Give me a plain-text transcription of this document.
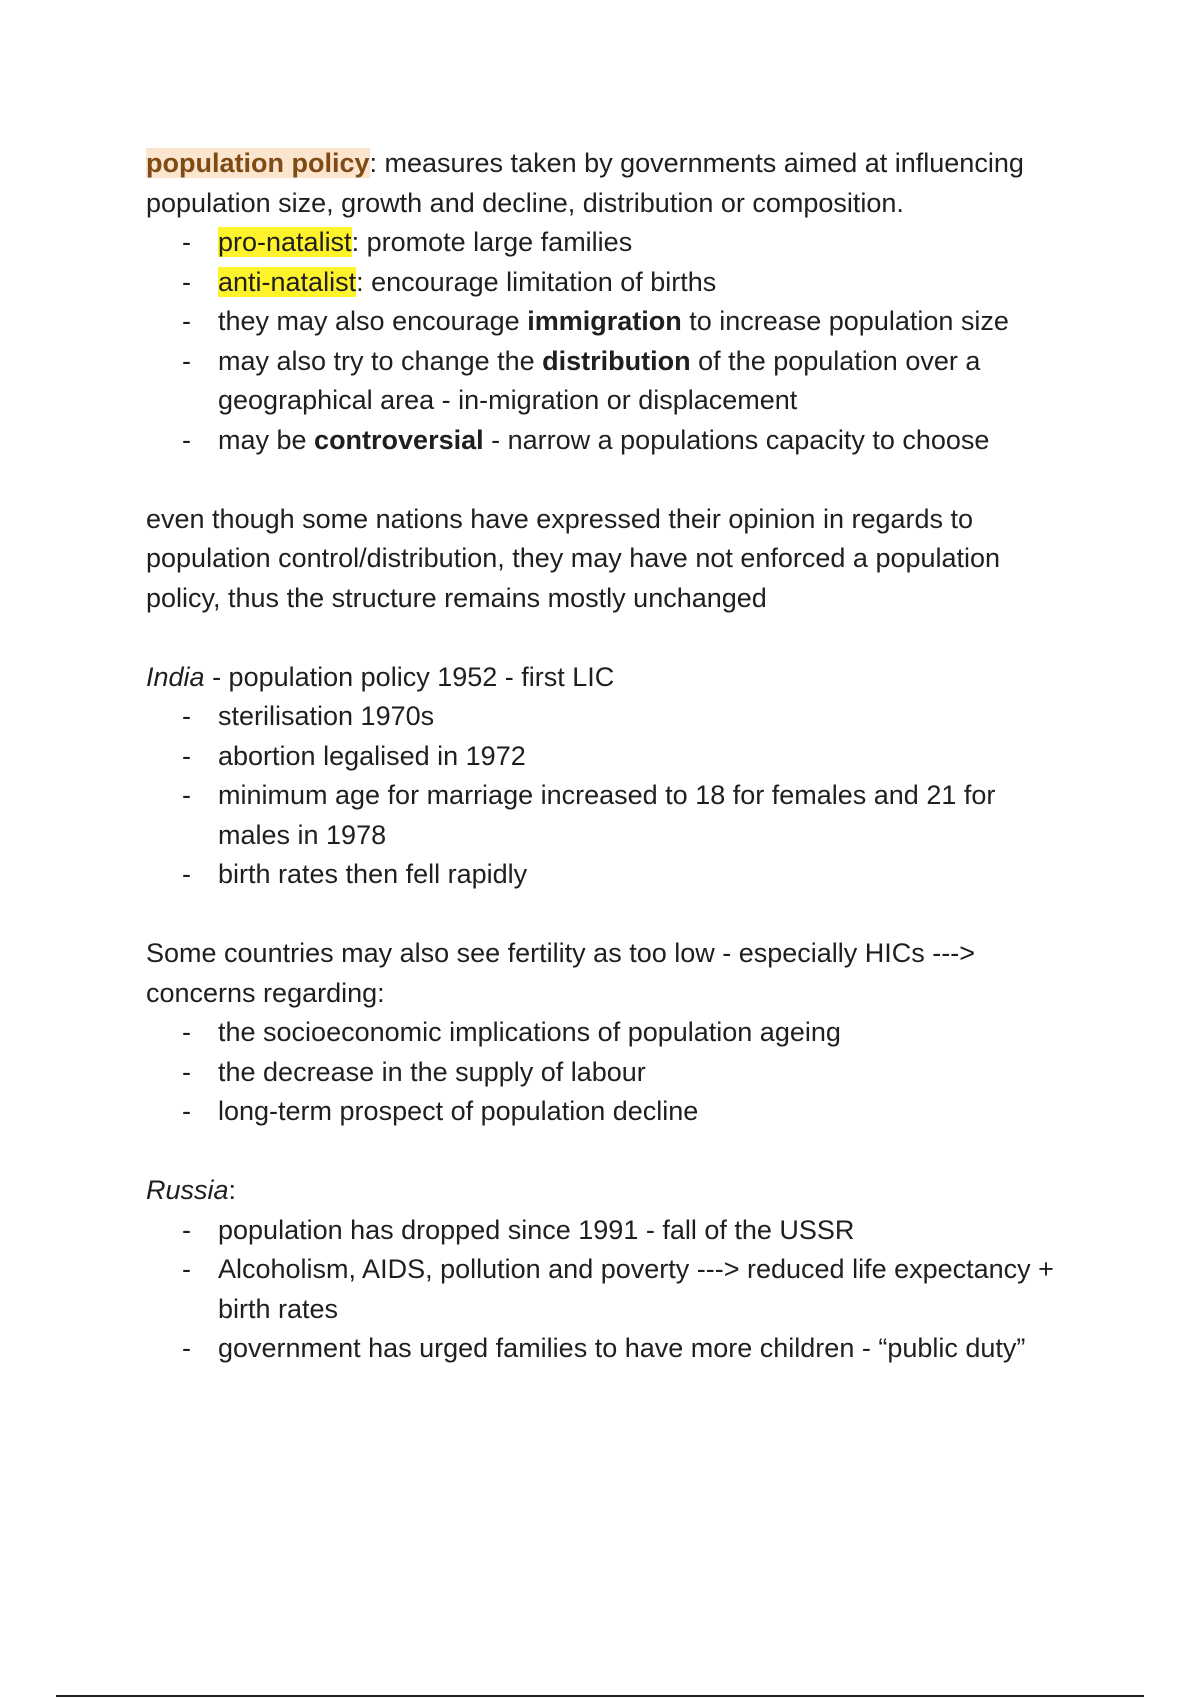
population policy: measures taken by governments aimed at influencing population size, growth and decline, distribution or composition.

- pro-natalist: promote large families
- anti-natalist: encourage limitation of births
- they may also encourage immigration to increase population size
- may also try to change the distribution of the population over a geographical area - in-migration or displacement
- may be controversial - narrow a populations capacity to choose

even though some nations have expressed their opinion in regards to population control/distribution, they may have not enforced a population policy, thus the structure remains mostly unchanged

India - population policy 1952 - first LIC

- sterilisation 1970s
- abortion legalised in 1972
- minimum age for marriage increased to 18 for females and 21 for males in 1978
- birth rates then fell rapidly

Some countries may also see fertility as too low - especially HICs ---> concerns regarding:

- the socioeconomic implications of population ageing
- the decrease in the supply of labour
- long-term prospect of population decline

Russia:

- population has dropped since 1991 - fall of the USSR
- Alcoholism, AIDS, pollution and poverty ---> reduced life expectancy + birth rates
- government has urged families to have more children - “public duty”
